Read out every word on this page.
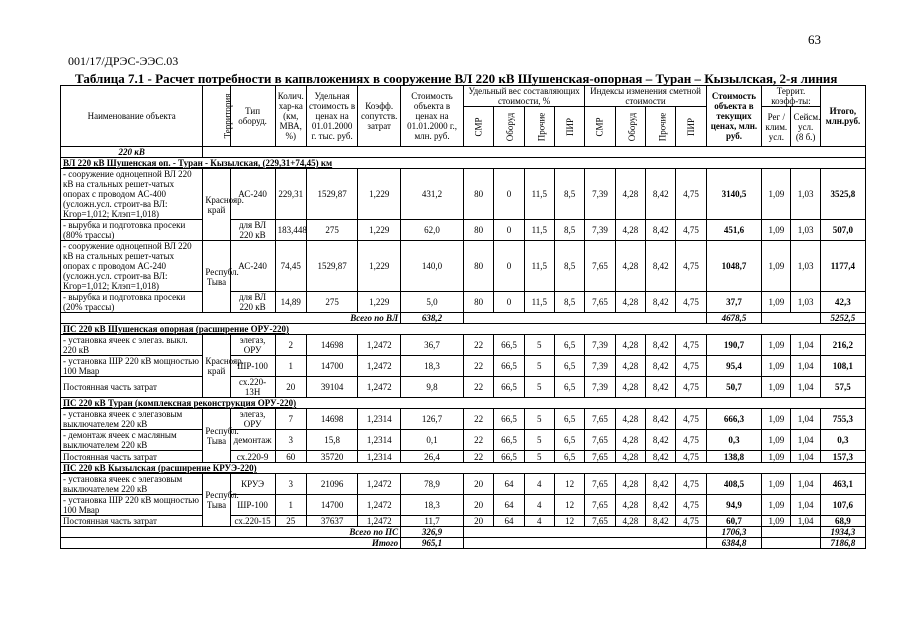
63
001/17/ДРЭС-ЭЭС.03
Таблица 7.1 - Расчет потребности в капвложениях в сооружение ВЛ 220 кВ Шушенская-опорная – Туран – Кызылская, 2-я линия
Наименование объекта	Территория	Тип оборуд.	Колич. хар-ка (км, МВА, %)	Удельная стоимость в ценах на 01.01.2000 г. тыс. руб.	Коэфф. сопутств. затрат	Стоимость объекта в ценах на 01.01.2000 г., млн. руб.	Удельный вес составляющих стоимости, %				Индексы изменения сметной стоимости				Стоимость объекта в текущих ценах, млн. руб.	Террит. коэфф-ты:		Итого, млн.руб.
							СМР	Оборуд	Прочие	ПИР	СМР	Оборуд	Прочие	ПИР		Рег / клим. усл.	Сейсм. усл. (8 б.)	
220 кВ																		
ВЛ 220 кВ Шушенская оп. - Туран - Кызылская, (229,31+74,45) км																		
- сооружение одноцепной ВЛ 220 кВ на стальных решет-чатых опорах с проводом АС-400 (усложн.усл. строит-ва ВЛ: Кгор=1,012; Клэп=1,018)	Краснояр. край	АС-240	229,31	1529,87	1,229	431,2	80	0	11,5	8,5	7,39	4,28	8,42	4,75	3140,5	1,09	1,03	3525,8
- вырубка и подготовка просеки (80% трассы)		для ВЛ 220 кВ	183,448	275	1,229	62,0	80	0	11,5	8,5	7,39	4,28	8,42	4,75	451,6	1,09	1,03	507,0
- сооружение одноцепной ВЛ 220 кВ на стальных решет-чатых опорах с проводом АС-240 (усложн.усл. строит-ва ВЛ: Кгор=1,012; Клэп=1,018)	Республ. Тыва	АС-240	74,45	1529,87	1,229	140,0	80	0	11,5	8,5	7,65	4,28	8,42	4,75	1048,7	1,09	1,03	1177,4
- вырубка и подготовка просеки (20% трассы)		для ВЛ 220 кВ	14,89	275	1,229	5,0	80	0	11,5	8,5	7,65	4,28	8,42	4,75	37,7	1,09	1,03	42,3
Всего по ВЛ						638,2									4678,5			5252,5
ПС 220 кВ Шушенская опорная (расширение ОРУ-220)																		
- установка ячеек с элегаз. выкл. 220 кВ	Краснояр. край	элегаз, ОРУ	2	14698	1,2472	36,7	22	66,5	5	6,5	7,39	4,28	8,42	4,75	190,7	1,09	1,04	216,2
- установка ШР 220 кВ мощностью 100 Мвар		ШР-100	1	14700	1,2472	18,3	22	66,5	5	6,5	7,39	4,28	8,42	4,75	95,4	1,09	1,04	108,1
Постоянная часть затрат		сх.220-13Н	20	39104	1,2472	9,8	22	66,5	5	6,5	7,39	4,28	8,42	4,75	50,7	1,09	1,04	57,5
ПС 220 кВ Туран (комплексная реконструкция ОРУ-220)																		
- установка ячеек с элегазовым выключателем 220 кВ	Республ. Тыва	элегаз, ОРУ	7	14698	1,2314	126,7	22	66,5	5	6,5	7,65	4,28	8,42	4,75	666,3	1,09	1,04	755,3
- демонтаж ячеек с масляным выключателем 220 кВ		демонтаж	3	15,8	1,2314	0,1	22	66,5	5	6,5	7,65	4,28	8,42	4,75	0,3	1,09	1,04	0,3
Постоянная часть затрат		сх.220-9	60	35720	1,2314	26,4	22	66,5	5	6,5	7,65	4,28	8,42	4,75	138,8	1,09	1,04	157,3
ПС 220 кВ Кызылская (расширение КРУЭ-220)																		
- установка ячеек с элегазовым выключателем 220 кВ	Республ. Тыва	КРУЭ	3	21096	1,2472	78,9	20	64	4	12	7,65	4,28	8,42	4,75	408,5	1,09	1,04	463,1
- установка ШР 220 кВ мощностью 100 Мвар		ШР-100	1	14700	1,2472	18,3	20	64	4	12	7,65	4,28	8,42	4,75	94,9	1,09	1,04	107,6
Постоянная часть затрат		сх.220-15	25	37637	1,2472	11,7	20	64	4	12	7,65	4,28	8,42	4,75	60,7	1,09	1,04	68,9
Всего по ПС						326,9									1706,3			1934,3
Итого						965,1									6384,8			7186,8
